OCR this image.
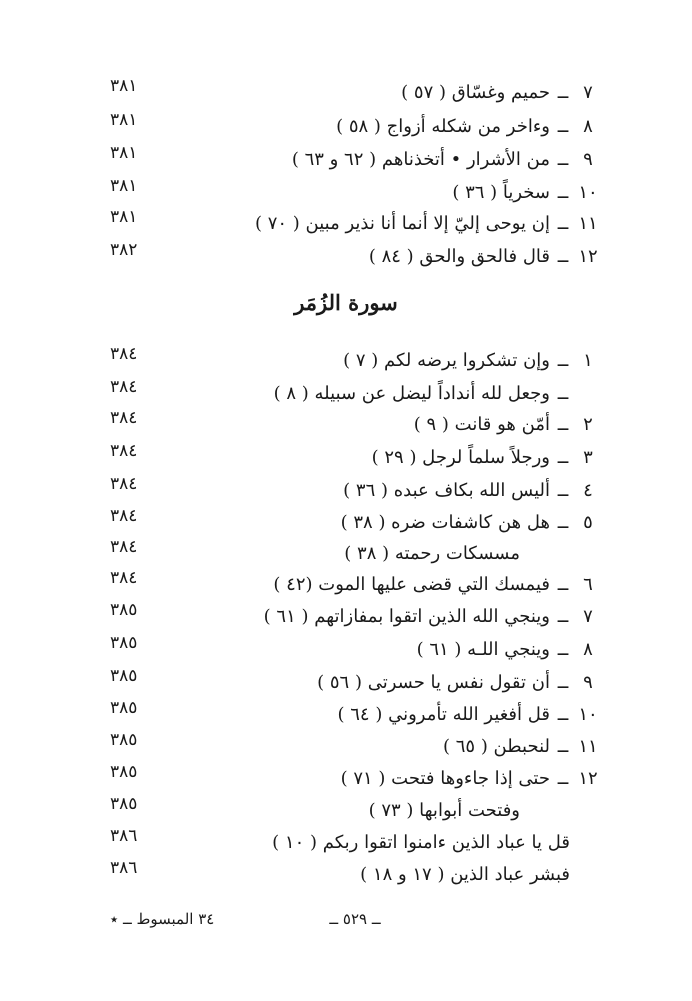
٧
ــ
حميم وغسّاق ( ٥٧ )
٣٨١
٨
ــ
وءاخر من شكله أزواج ( ٥٨ )
٣٨١
٩
ــ
من الأشرار • أتخذناهم ( ٦٢ و ٦٣ )
٣٨١
١٠
ــ
سخرياً ( ٣٦ )
٣٨١
١١
ــ
إن يوحى إليّ إلا أنما أنا نذير مبين ( ٧٠ )
٣٨١
١٢
ــ
قال فالحق والحق ( ٨٤ )
٣٨٢
سورة الزُمَر
١
ــ
وإن تشكروا يرضه لكم ( ٧ )
٣٨٤
ــ
وجعل لله أنداداً ليضل عن سبيله ( ٨ )
٣٨٤
٢
ــ
أمّن هو قانت ( ٩ )
٣٨٤
٣
ــ
ورجلاً سلماً لرجل ( ٢٩ )
٣٨٤
٤
ــ
أليس الله بكاف عبده ( ٣٦ )
٣٨٤
٥
ــ
هل هن كاشفات ضره ( ٣٨ )
٣٨٤
مسسكات رحمته ( ٣٨ )
٣٨٤
٦
ــ
فيمسك التي قضى عليها الموت (٤٢ )
٣٨٤
٧
ــ
وينجي الله الذين اتقوا بمفازاتهم ( ٦١ )
٣٨٥
٨
ــ
وينجي اللـه ( ٦١ )
٣٨٥
٩
ــ
أن تقول نفس يا حسرتى ( ٥٦ )
٣٨٥
١٠
ــ
قل أفغير الله تأمروني ( ٦٤ )
٣٨٥
١١
ــ
لنحبطن ( ٦٥ )
٣٨٥
١٢
ــ
حتى إذا جاءوها فتحت ( ٧١ )
٣٨٥
وفتحت أبوابها ( ٧٣ )
٣٨٥
قل يا عباد الذين ءامنوا اتقوا ربكم ( ١٠ )
٣٨٦
فبشر عباد الذين ( ١٧ و ١٨ )
٣٨٦
ــ ٥٢٩ ــ
٣٤ المبسوط ــ ٭
